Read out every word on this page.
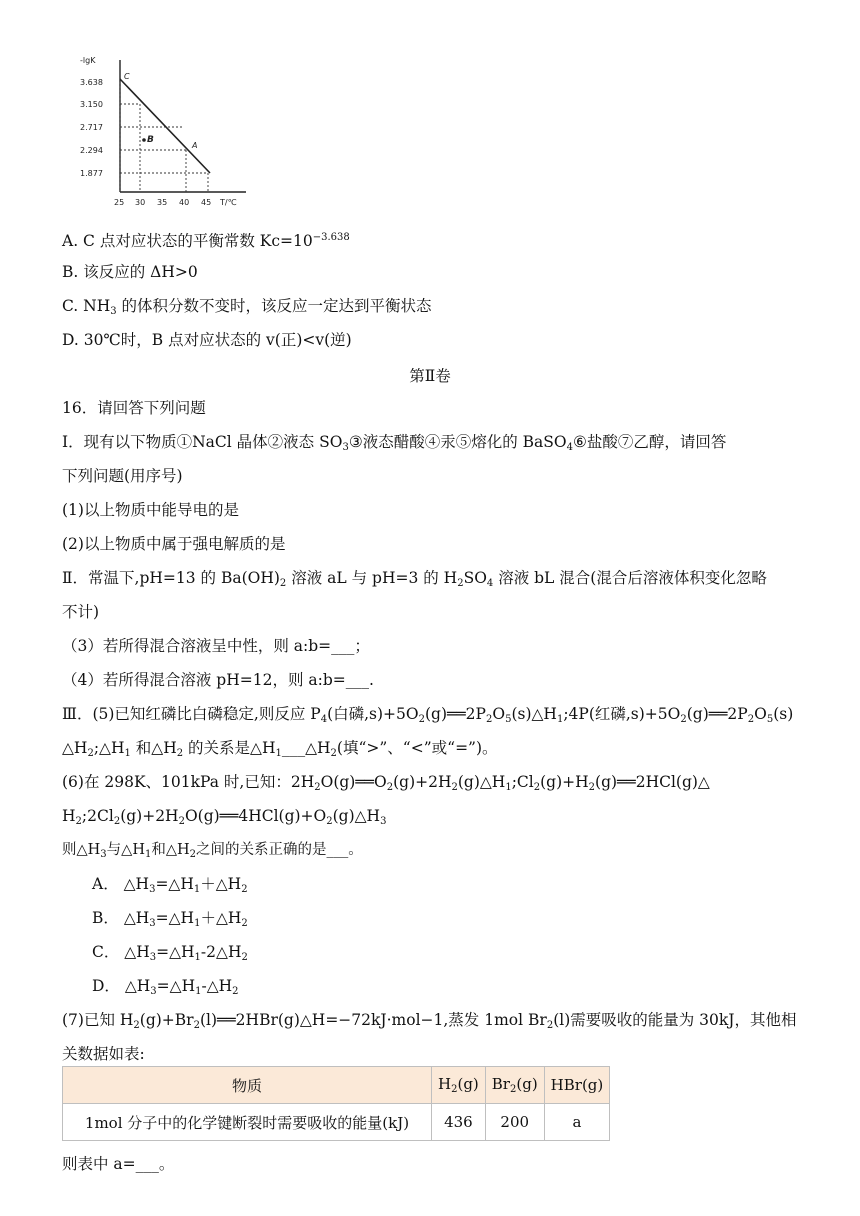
-lgK
3.638
3.150
2.717
2.294
1.877
C
B
A
25 30 35 40 45 T/℃
A. C 点对应状态的平衡常数 $Kc=10^{-3.638}$
B. 该反应的 ΔH>0
C. $NH_3$ 的体积分数不变时，该反应一定达到平衡状态
D. 30℃时，B 点对应状态的 v(正)<v(逆)
第Ⅱ卷
16．请回答下列问题
Ⅰ．现有以下物质①NaCl 晶体②液态 $SO_3③$液态醋酸④汞⑤熔化的 BaSO$_4$⑥盐酸⑦乙醇，请回答
下列问题(用序号)
(1)以上物质中能导电的是
(2)以上物质中属于强电解质的是
Ⅱ．常温下,pH=13 的 $Ba(OH)_2$ 溶液 aL 与 pH=3 的 $H_2SO_4$ 溶液 bL 混合(混合后溶液体积变化忽略
不计)
（3）若所得混合溶液呈中性，则 a:b=___；
（4）若所得混合溶液 pH=12，则 a:b=___.
Ⅲ．(5)已知红磷比白磷稳定,则反应 $P_4$(白磷$,s)+5O_2(g)══2P_2O_5(s)\triangle H_1;4P$(红磷$,s)+5O_2(g)══2P_2O_5(s)$
$\triangle H_2;\triangle H_1$ 和$\triangle H_2$ 的关系是$\triangle H_1\_\_\_\triangle H_2$(填“>”、“<”或“=”)。
(6)在 298K、101kPa 时,已知：$2H_2O(g)══O_2(g)+2H_2(g)\triangle H_1;Cl_2(g)+H_2(g)══2HCl(g)\triangle$
$H_2;2Cl_2(g)+2H_2O(g)══4HCl(g)+O_2(g)\triangle H_3$
则$\triangle H_3$与$\triangle H_1$和$\triangle H_2$之间的关系正确的是___。
A． $\triangle H_3=\triangle H_1+\triangle H_2$
B． $\triangle H_3=\triangle H_1+\triangle H_2$
C． $\triangle H_3=\triangle H_1-2\triangle H_2$
D． $\triangle H_3=\triangle H_1-\triangle H_2$
(7)已知 $H_2(g)+Br_2(l)══2HBr(g)\triangle H=-72kJ\cdot mol-1$,蒸发 1mol $Br_2(l)$需要吸收的能量为 30kJ，其他相
关数据如表:
物质	$H_2(g)$	$Br_2(g)$	HBr(g)
1mol 分子中的化学键断裂时需要吸收的能量(kJ)	436	200	a
则表中 a=___。
